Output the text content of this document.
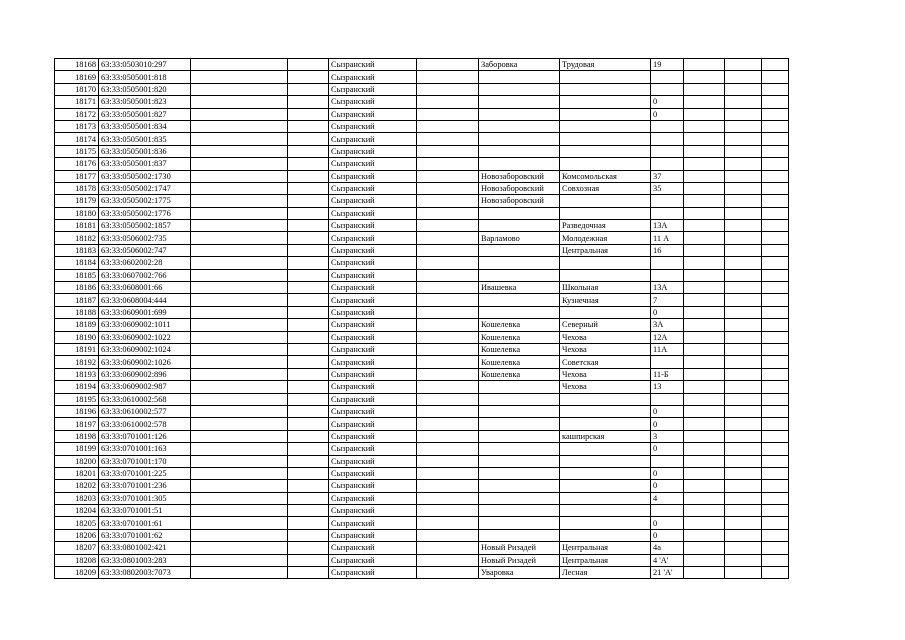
18168	63:33:0503010:297			Сызранский		Заборовка	Трудовая	19			
18169	63:33:0505001:818			Сызранский							
18170	63:33:0505001:820			Сызранский							
18171	63:33:0505001:823			Сызранский				0			
18172	63:33:0505001:827			Сызранский				0			
18173	63:33:0505001:834			Сызранский							
18174	63:33:0505001:835			Сызранский							
18175	63:33:0505001:836			Сызранский							
18176	63:33:0505001:837			Сызранский							
18177	63:33:0505002:1730			Сызранский		Новозаборовский	Комсомольская	37			
18178	63:33:0505002:1747			Сызранский		Новозаборовский	Совхозная	35			
18179	63:33:0505002:1775			Сызранский		Новозаборовский					
18180	63:33:0505002:1776			Сызранский							
18181	63:33:0505002:1857			Сызранский			Разведочная	13А			
18182	63:33:0506002:735			Сызранский		Варламово	Молодежная	11 А			
18183	63:33:0506002:747			Сызранский			Центральная	16			
18184	63:33:0602002:28			Сызранский							
18185	63:33:0607002:766			Сызранский							
18186	63:33:0608001:66			Сызранский		Ивашевка	Школьная	13А			
18187	63:33:0608004:444			Сызранский			Кузнечная	7			
18188	63:33:0609001:699			Сызранский				0			
18189	63:33:0609002:1011			Сызранский		Кошелевка	Северный	3А			
18190	63:33:0609002:1022			Сызранский		Кошелевка	Чехова	12А			
18191	63:33:0609002:1024			Сызранский		Кошелевка	Чехова	11А			
18192	63:33:0609002:1026			Сызранский		Кошелевка	Советская				
18193	63:33:0609002:896			Сызранский		Кошелевка	Чехова	11-Б			
18194	63:33:0609002:987			Сызранский			Чехова	13			
18195	63:33:0610002:568			Сызранский							
18196	63:33:0610002:577			Сызранский				0			
18197	63:33:0610002:578			Сызранский				0			
18198	63:33:0701001:126			Сызранский			кашпирская	3			
18199	63:33:0701001:163			Сызранский				0			
18200	63:33:0701001:170			Сызранский							
18201	63:33:0701001:225			Сызранский				0			
18202	63:33:0701001:236			Сызранский				0			
18203	63:33:0701001:305			Сызранский				4			
18204	63:33:0701001:51			Сызранский							
18205	63:33:0701001:61			Сызранский				0			
18206	63:33:0701001:62			Сызранский				0			
18207	63:33:0801002:421			Сызранский		Новый Ризадей	Центральная	4а			
18208	63:33:0801003:283			Сызранский		Новый Ризадей	Центральная	4 'А'			
18209	63:33:0802003:7073			Сызранский		Уваровка	Лесная	21 'А'			
